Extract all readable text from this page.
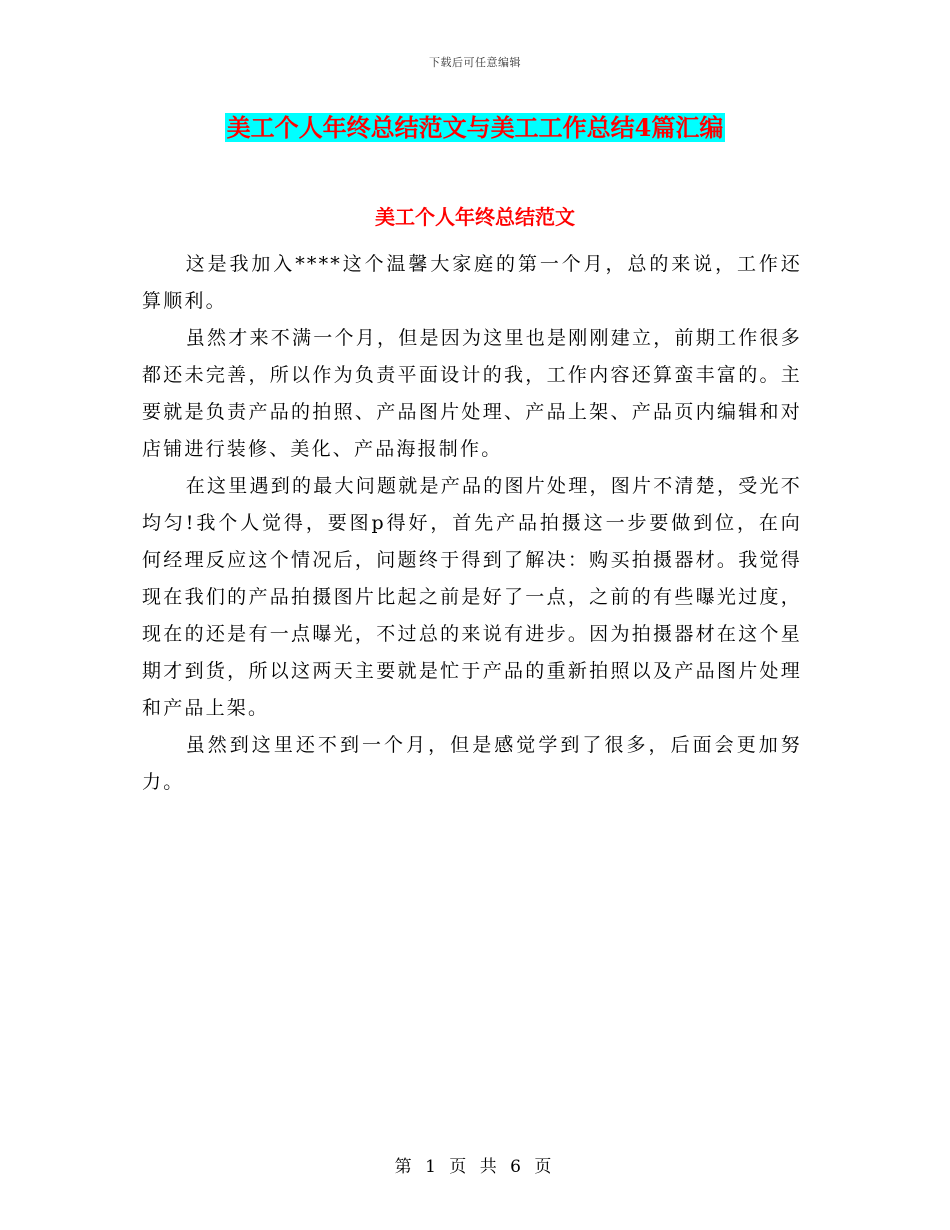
下载后可任意编辑
美工个人年终总结范文与美工工作总结4篇汇编
美工个人年终总结范文

这是我加入****这个温馨大家庭的第一个月，总的来说，工作还算顺利。

虽然才来不满一个月，但是因为这里也是刚刚建立，前期工作很多都还未完善，所以作为负责平面设计的我，工作内容还算蛮丰富的。主要就是负责产品的拍照、产品图片处理、产品上架、产品页内编辑和对店铺进行装修、美化、产品海报制作。

在这里遇到的最大问题就是产品的图片处理，图片不清楚，受光不均匀!我个人觉得，要图p得好，首先产品拍摄这一步要做到位，在向何经理反应这个情况后，问题终于得到了解决：购买拍摄器材。我觉得现在我们的产品拍摄图片比起之前是好了一点，之前的有些曝光过度，现在的还是有一点曝光，不过总的来说有进步。因为拍摄器材在这个星期才到货，所以这两天主要就是忙于产品的重新拍照以及产品图片处理和产品上架。

虽然到这里还不到一个月，但是感觉学到了很多，后面会更加努力。

第 1 页 共 6 页
